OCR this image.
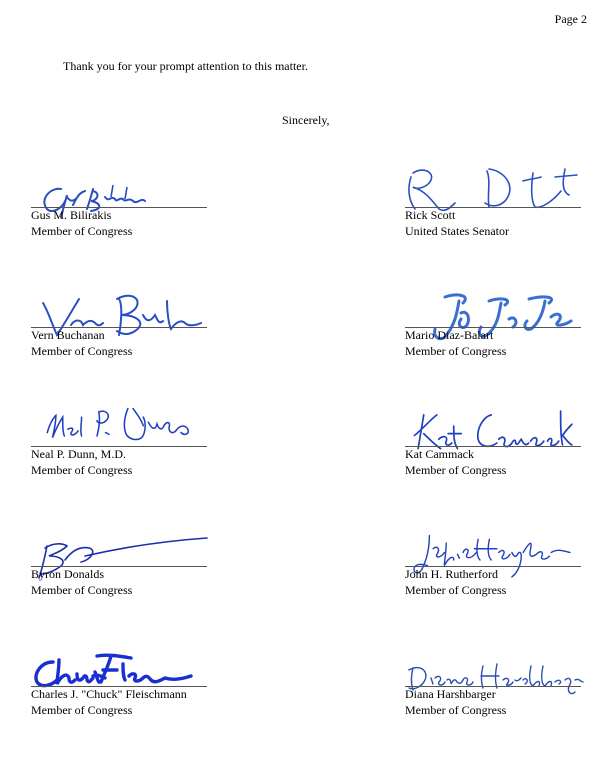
Page 2
Thank you for your prompt attention to this matter.
Sincerely,
Gus M. Bilirakis
Member of Congress
Rick Scott
United States Senator
Vern Buchanan
Member of Congress
Mario Diaz-Balart
Member of Congress
Neal P. Dunn, M.D.
Member of Congress
Kat Cammack
Member of Congress
Byron Donalds
Member of Congress
John H. Rutherford
Member of Congress
Charles J. "Chuck" Fleischmann
Member of Congress
Diana Harshbarger
Member of Congress
